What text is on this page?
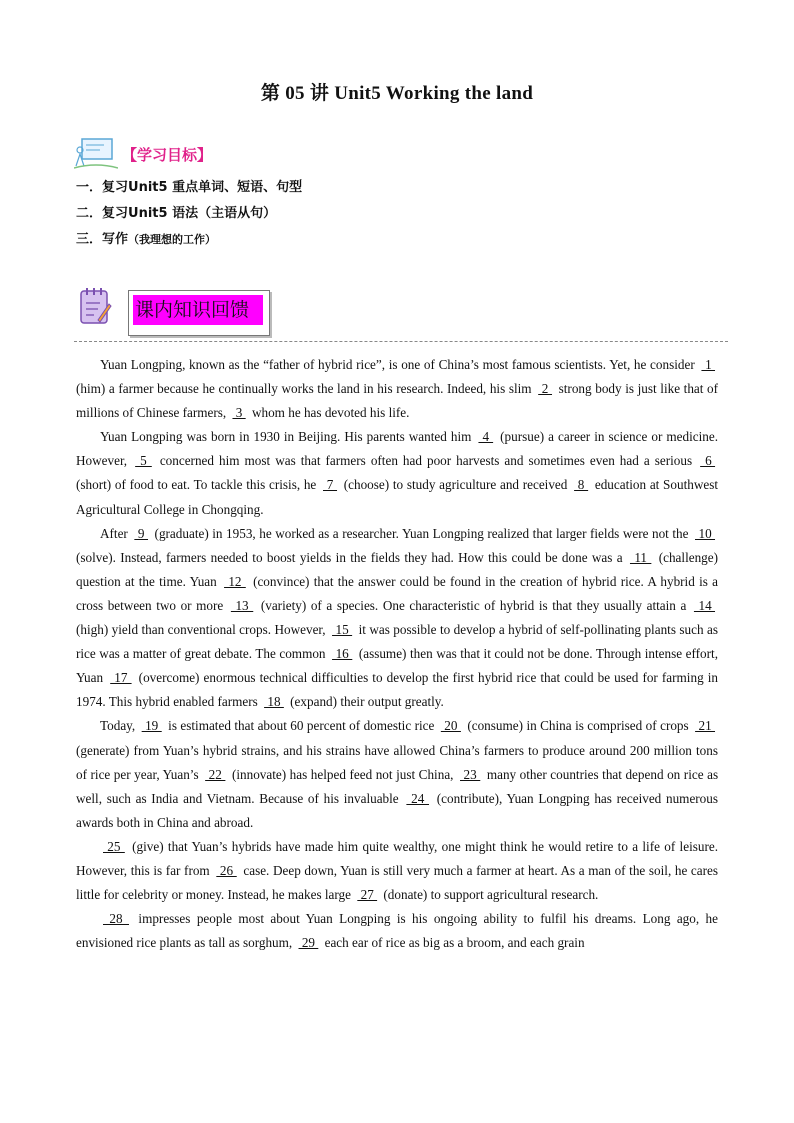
第 05 讲 Unit5 Working the land
【学习目标】
一．复习Unit5 重点单词、短语、句型
二．复习Unit5 语法（主语从句）
三．写作（我理想的工作）
课内知识回馈

Yuan Longping, known as the “father of hybrid rice”, is one of China’s most famous scientists. Yet, he consider  1  (him) a farmer because he continually works the land in his research. Indeed, his slim  2  strong body is just like that of millions of Chinese farmers,  3  whom he has devoted his life.

Yuan Longping was born in 1930 in Beijing. His parents wanted him  4  (pursue) a career in science or medicine. However,  5  concerned him most was that farmers often had poor harvests and sometimes even had a serious  6  (short) of food to eat. To tackle this crisis, he  7  (choose) to study agriculture and received  8  education at Southwest Agricultural College in Chongqing.

After  9  (graduate) in 1953, he worked as a researcher. Yuan Longping realized that larger fields were not the  10  (solve). Instead, farmers needed to boost yields in the fields they had. How this could be done was a  11  (challenge) question at the time. Yuan  12  (convince) that the answer could be found in the creation of hybrid rice. A hybrid is a cross between two or more  13  (variety) of a species. One characteristic of hybrid is that they usually attain a  14  (high) yield than conventional crops. However,  15  it was possible to develop a hybrid of self-pollinating plants such as rice was a matter of great debate. The common  16  (assume) then was that it could not be done. Through intense effort, Yuan  17  (overcome) enormous technical difficulties to develop the first hybrid rice that could be used for farming in 1974. This hybrid enabled farmers  18  (expand) their output greatly.

Today,  19  is estimated that about 60 percent of domestic rice  20  (consume) in China is comprised of crops  21  (generate) from Yuan’s hybrid strains, and his strains have allowed China’s farmers to produce around 200 million tons of rice per year, Yuan’s  22  (innovate) has helped feed not just China,  23  many other countries that depend on rice as well, such as India and Vietnam. Because of his invaluable  24  (contribute), Yuan Longping has received numerous awards both in China and abroad.

25  (give) that Yuan’s hybrids have made him quite wealthy, one might think he would retire to a life of leisure. However, this is far from  26  case. Deep down, Yuan is still very much a farmer at heart. As a man of the soil, he cares little for celebrity or money. Instead, he makes large  27  (donate) to support agricultural research.

28  impresses people most about Yuan Longping is his ongoing ability to fulfil his dreams. Long ago, he envisioned rice plants as tall as sorghum,  29  each ear of rice as big as a broom, and each grain
